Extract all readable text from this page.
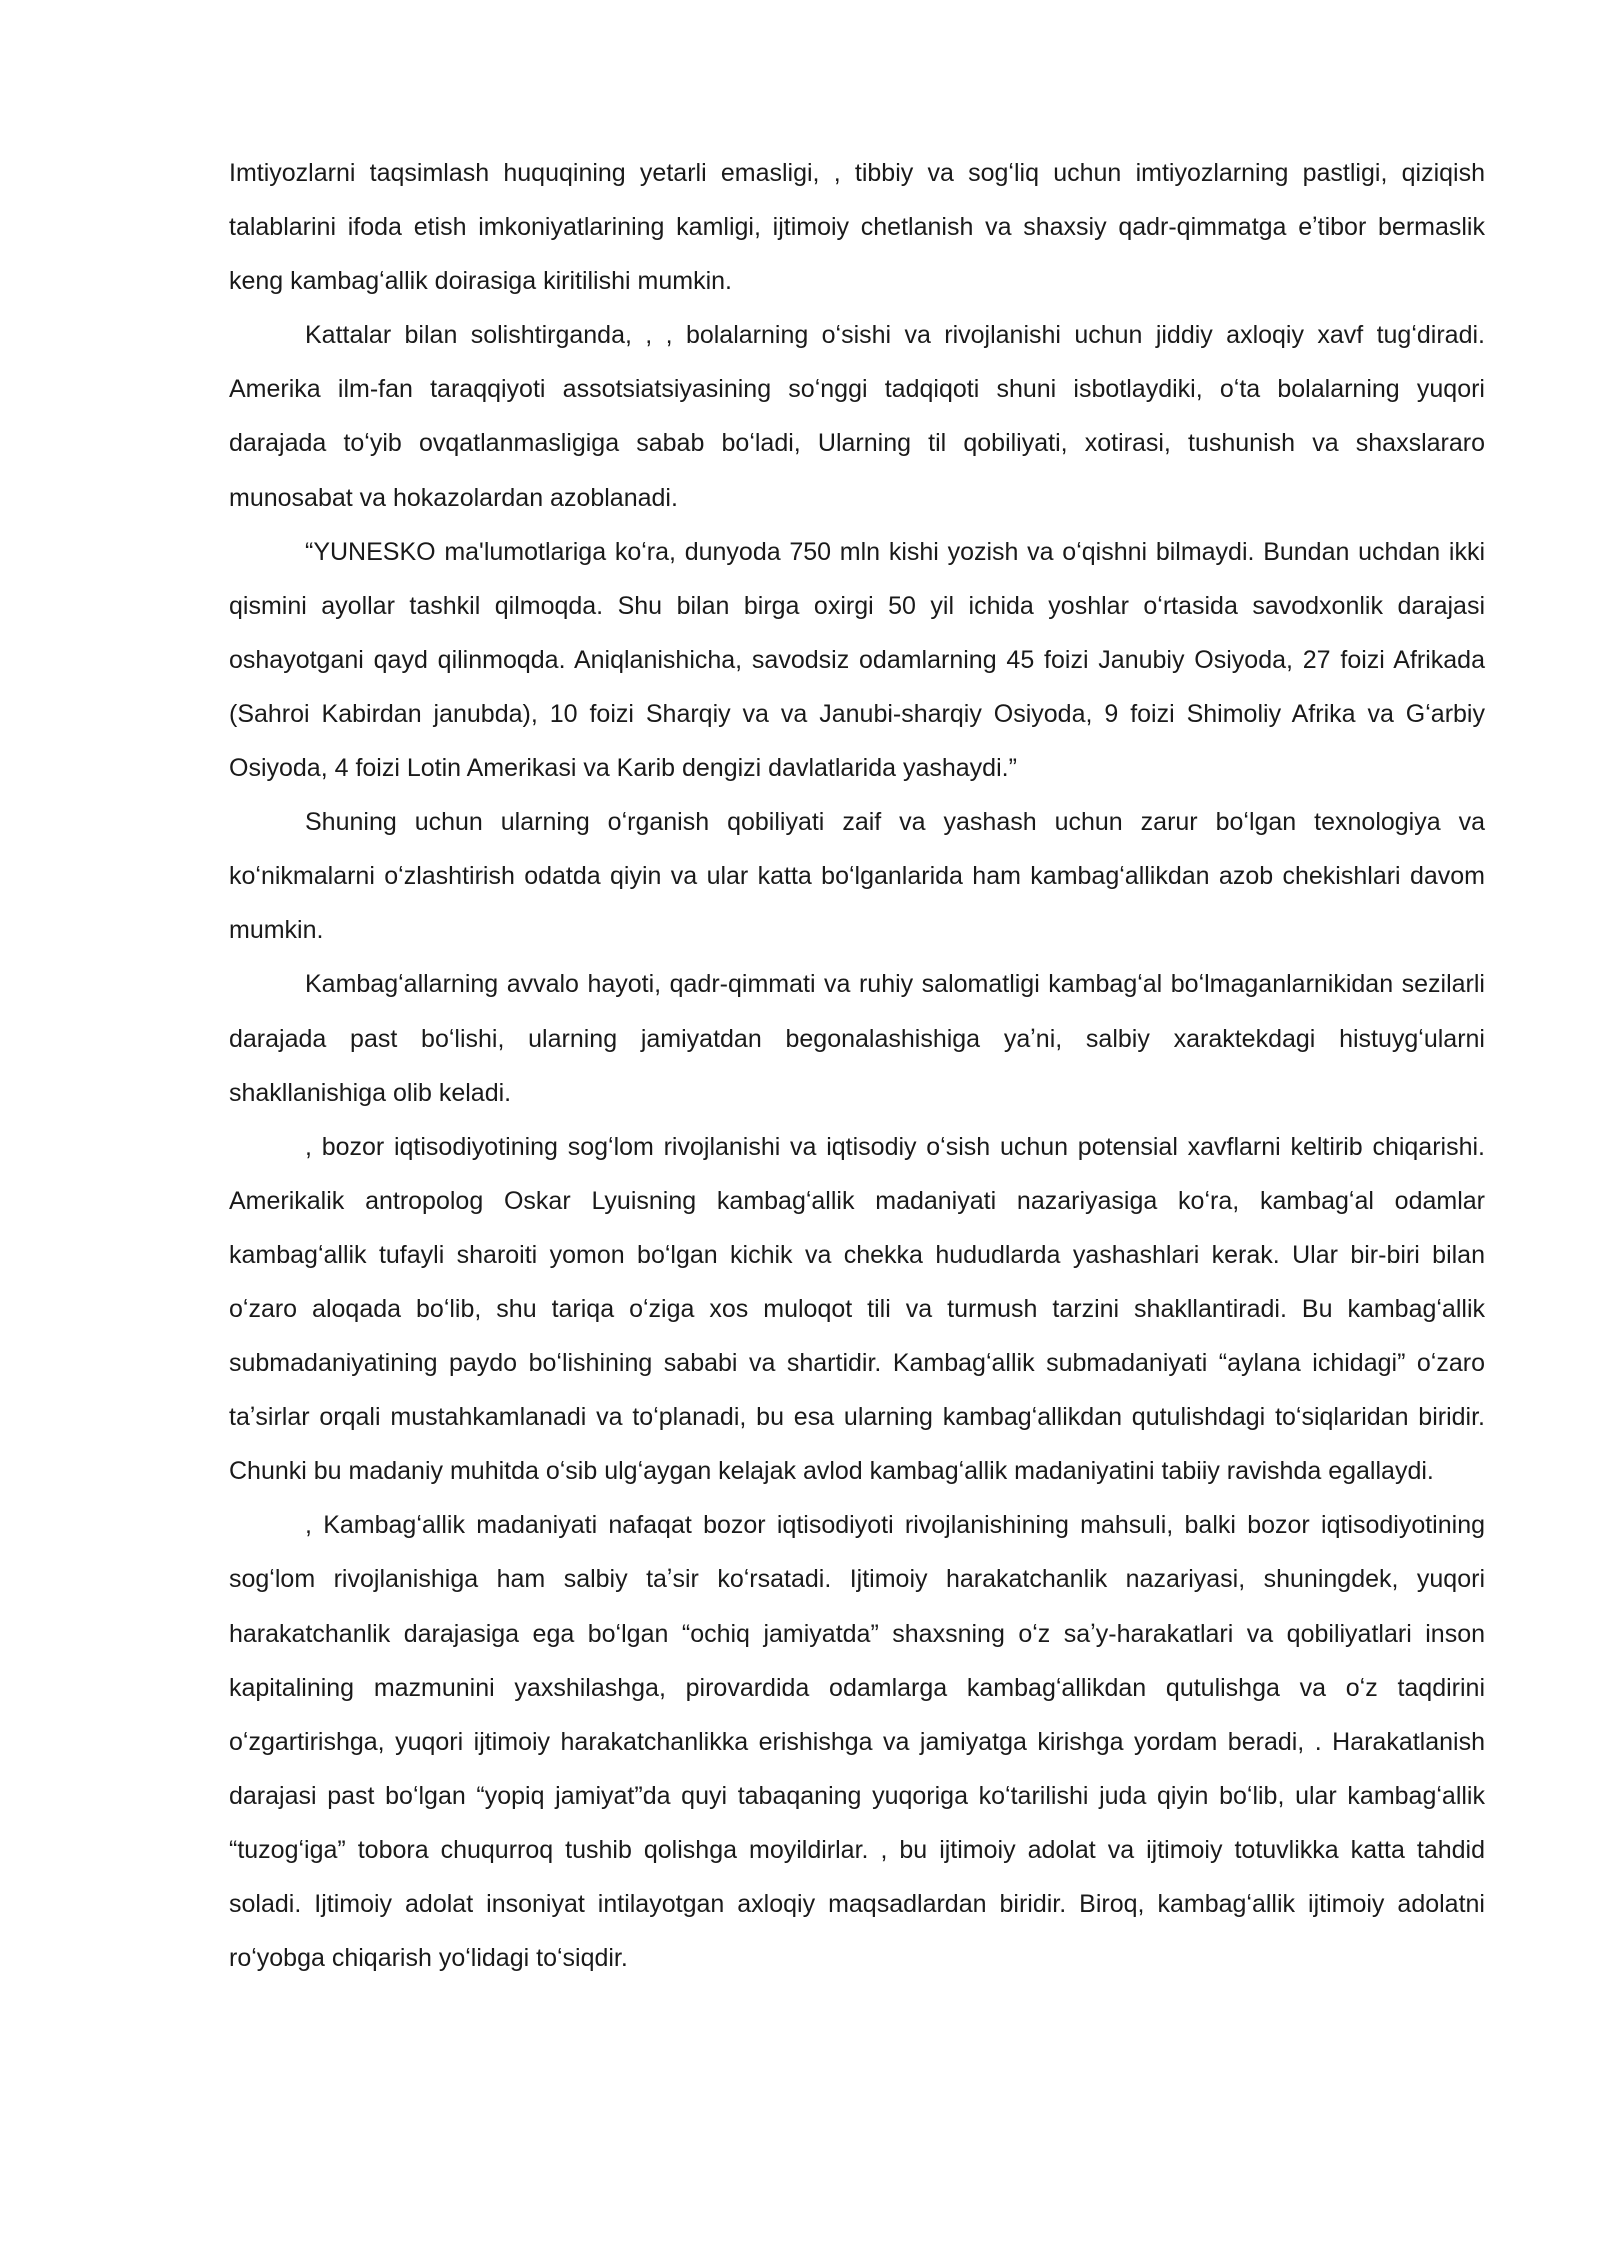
Imtiyozlarni taqsimlash huquqining yetarli emasligi, , tibbiy va sogʻliq uchun imtiyozlarning pastligi, qiziqish talablarini ifoda etish imkoniyatlarining kamligi, ijtimoiy chetlanish va shaxsiy qadr-qimmatga eʼtibor bermaslik keng kambagʻallik doirasiga kiritilishi mumkin.

Kattalar bilan solishtirganda, , , bolalarning oʻsishi va rivojlanishi uchun jiddiy axloqiy xavf tugʻdiradi. Amerika ilm-fan taraqqiyoti assotsiatsiyasining soʻnggi tadqiqoti shuni isbotlaydiki, oʻta bolalarning yuqori darajada toʻyib ovqatlanmasligiga sabab boʻladi, Ularning til qobiliyati, xotirasi, tushunish va shaxslararo munosabat va hokazolardan azoblanadi.

“YUNESKO ma'lumotlariga koʻra, dunyoda 750 mln kishi yozish va oʻqishni bilmaydi. Bundan uchdan ikki qismini ayollar tashkil qilmoqda. Shu bilan birga oxirgi 50 yil ichida yoshlar oʻrtasida savodxonlik darajasi oshayotgani qayd qilinmoqda. Aniqlanishicha, savodsiz odamlarning 45 foizi Janubiy Osiyoda, 27 foizi Afrikada (Sahroi Kabirdan janubda), 10 foizi Sharqiy va va Janubi-sharqiy Osiyoda, 9 foizi Shimoliy Afrika va Gʻarbiy Osiyoda, 4 foizi Lotin Amerikasi va Karib dengizi davlatlarida yashaydi.”

Shuning uchun ularning oʻrganish qobiliyati zaif va yashash uchun zarur boʻlgan texnologiya va koʻnikmalarni oʻzlashtirish odatda qiyin va ular katta boʻlganlarida ham kambagʻallikdan azob chekishlari davom mumkin.

Kambagʻallarning avvalo hayoti, qadr-qimmati va ruhiy salomatligi kambagʻal boʻlmaganlarnikidan sezilarli darajada past boʻlishi, ularning jamiyatdan begonalashishiga yaʼni, salbiy xaraktekdagi histuygʻularni shakllanishiga olib keladi.

, bozor iqtisodiyotining sogʻlom rivojlanishi va iqtisodiy oʻsish uchun potensial xavflarni keltirib chiqarishi. Amerikalik antropolog Oskar Lyuisning kambagʻallik madaniyati nazariyasiga koʻra, kambagʻal odamlar kambagʻallik tufayli sharoiti yomon boʻlgan kichik va chekka hududlarda yashashlari kerak. Ular bir-biri bilan oʻzaro aloqada boʻlib, shu tariqa oʻziga xos muloqot tili va turmush tarzini shakllantiradi. Bu kambagʻallik submadaniyatining paydo boʻlishining sababi va shartidir. Kambagʻallik submadaniyati “aylana ichidagi” oʻzaro taʼsirlar orqali mustahkamlanadi va toʻplanadi, bu esa ularning kambagʻallikdan qutulishdagi toʻsiqlaridan biridir. Chunki bu madaniy muhitda oʻsib ulgʻaygan kelajak avlod kambagʻallik madaniyatini tabiiy ravishda egallaydi.

, Kambagʻallik madaniyati nafaqat bozor iqtisodiyoti rivojlanishining mahsuli, balki bozor iqtisodiyotining sogʻlom rivojlanishiga ham salbiy taʼsir koʻrsatadi. Ijtimoiy harakatchanlik nazariyasi, shuningdek, yuqori harakatchanlik darajasiga ega boʻlgan “ochiq jamiyatda” shaxsning oʻz saʼy-harakatlari va qobiliyatlari inson kapitalining mazmunini yaxshilashga, pirovardida odamlarga kambagʻallikdan qutulishga va oʻz taqdirini oʻzgartirishga, yuqori ijtimoiy harakatchanlikka erishishga va jamiyatga kirishga yordam beradi, . Harakatlanish darajasi past boʻlgan “yopiq jamiyat”da quyi tabaqaning yuqoriga koʻtarilishi juda qiyin boʻlib, ular kambagʻallik “tuzogʻiga” tobora chuqurroq tushib qolishga moyildirlar. , bu ijtimoiy adolat va ijtimoiy totuvlikka katta tahdid soladi. Ijtimoiy adolat insoniyat intilayotgan axloqiy maqsadlardan biridir. Biroq, kambagʻallik ijtimoiy adolatni roʻyobga chiqarish yoʻlidagi toʻsiqdir.
